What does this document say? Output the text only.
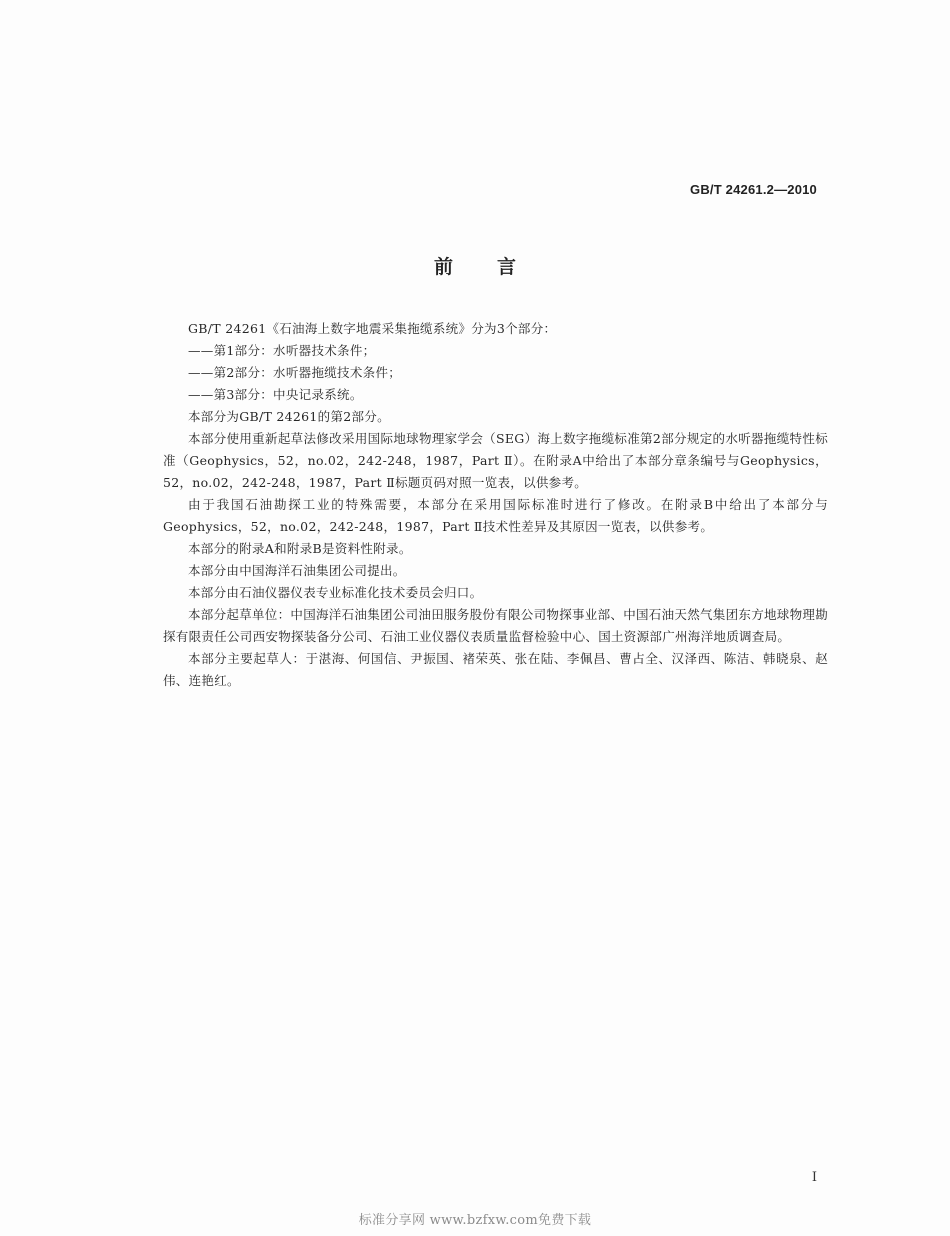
GB/T 24261.2—2010
前言

GB/T 24261《石油海上数字地震采集拖缆系统》分为3个部分：

——第1部分：水听器技术条件；

——第2部分：水听器拖缆技术条件；

——第3部分：中央记录系统。

本部分为GB/T 24261的第2部分。

本部分使用重新起草法修改采用国际地球物理家学会（SEG）海上数字拖缆标准第2部分规定的水听器拖缆特性标准（Geophysics，52，no.02，242-248，1987，Part Ⅱ）。在附录A中给出了本部分章条编号与Geophysics，52，no.02，242-248，1987，Part Ⅱ标题页码对照一览表，以供参考。

由于我国石油勘探工业的特殊需要，本部分在采用国际标准时进行了修改。在附录B中给出了本部分与Geophysics，52，no.02，242-248，1987，Part Ⅱ技术性差异及其原因一览表，以供参考。

本部分的附录A和附录B是资料性附录。

本部分由中国海洋石油集团公司提出。

本部分由石油仪器仪表专业标准化技术委员会归口。

本部分起草单位：中国海洋石油集团公司油田服务股份有限公司物探事业部、中国石油天然气集团东方地球物理勘探有限责任公司西安物探装备分公司、石油工业仪器仪表质量监督检验中心、国土资源部广州海洋地质调查局。

本部分主要起草人：于湛海、何国信、尹振国、褚荣英、张在陆、李佩昌、曹占全、汉泽西、陈洁、韩晓泉、赵伟、连艳红。

I
标准分享网 www.bzfxw.com免费下载
